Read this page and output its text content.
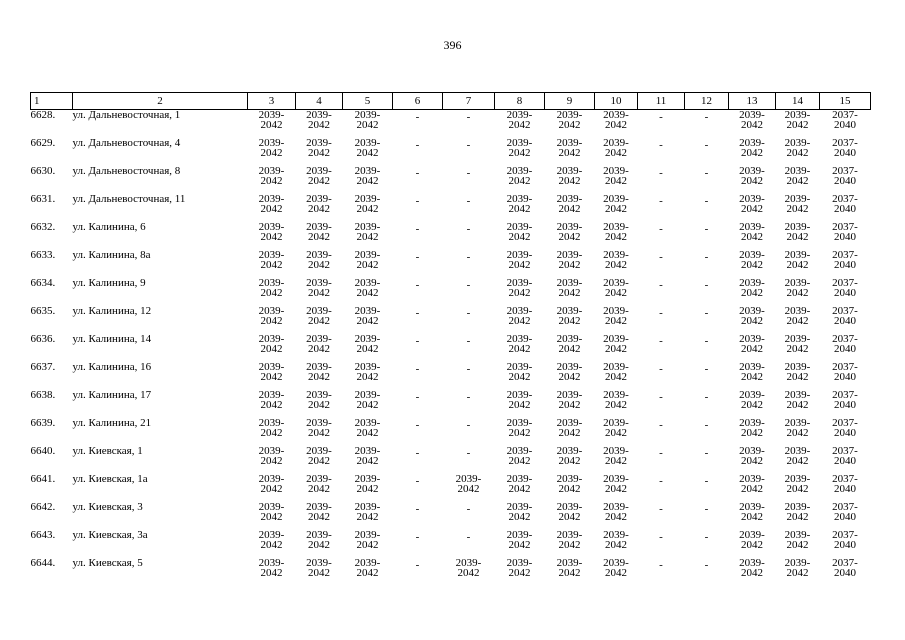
396
1	2	3	4	5	6	7	8	9	10	11	12	13	14	15
6628.	ул. Дальневосточная, 1	2039-
2042	2039-
2042	2039-
2042	-	-	2039-
2042	2039-
2042	2039-
2042	-	-	2039-
2042	2039-
2042	2037-
2040

6629.	ул. Дальневосточная, 4	2039-
2042	2039-
2042	2039-
2042	-	-	2039-
2042	2039-
2042	2039-
2042	-	-	2039-
2042	2039-
2042	2037-
2040

6630.	ул. Дальневосточная, 8	2039-
2042	2039-
2042	2039-
2042	-	-	2039-
2042	2039-
2042	2039-
2042	-	-	2039-
2042	2039-
2042	2037-
2040

6631.	ул. Дальневосточная, 11	2039-
2042	2039-
2042	2039-
2042	-	-	2039-
2042	2039-
2042	2039-
2042	-	-	2039-
2042	2039-
2042	2037-
2040

6632.	ул. Калинина, 6	2039-
2042	2039-
2042	2039-
2042	-	-	2039-
2042	2039-
2042	2039-
2042	-	-	2039-
2042	2039-
2042	2037-
2040

6633.	ул. Калинина, 8а	2039-
2042	2039-
2042	2039-
2042	-	-	2039-
2042	2039-
2042	2039-
2042	-	-	2039-
2042	2039-
2042	2037-
2040

6634.	ул. Калинина, 9	2039-
2042	2039-
2042	2039-
2042	-	-	2039-
2042	2039-
2042	2039-
2042	-	-	2039-
2042	2039-
2042	2037-
2040

6635.	ул. Калинина, 12	2039-
2042	2039-
2042	2039-
2042	-	-	2039-
2042	2039-
2042	2039-
2042	-	-	2039-
2042	2039-
2042	2037-
2040

6636.	ул. Калинина, 14	2039-
2042	2039-
2042	2039-
2042	-	-	2039-
2042	2039-
2042	2039-
2042	-	-	2039-
2042	2039-
2042	2037-
2040

6637.	ул. Калинина, 16	2039-
2042	2039-
2042	2039-
2042	-	-	2039-
2042	2039-
2042	2039-
2042	-	-	2039-
2042	2039-
2042	2037-
2040

6638.	ул. Калинина, 17	2039-
2042	2039-
2042	2039-
2042	-	-	2039-
2042	2039-
2042	2039-
2042	-	-	2039-
2042	2039-
2042	2037-
2040

6639.	ул. Калинина, 21	2039-
2042	2039-
2042	2039-
2042	-	-	2039-
2042	2039-
2042	2039-
2042	-	-	2039-
2042	2039-
2042	2037-
2040

6640.	ул. Киевская, 1	2039-
2042	2039-
2042	2039-
2042	-	-	2039-
2042	2039-
2042	2039-
2042	-	-	2039-
2042	2039-
2042	2037-
2040

6641.	ул. Киевская, 1а	2039-
2042	2039-
2042	2039-
2042	-	2039-
2042	2039-
2042	2039-
2042	2039-
2042	-	-	2039-
2042	2039-
2042	2037-
2040

6642.	ул. Киевская, 3	2039-
2042	2039-
2042	2039-
2042	-	-	2039-
2042	2039-
2042	2039-
2042	-	-	2039-
2042	2039-
2042	2037-
2040

6643.	ул. Киевская, 3а	2039-
2042	2039-
2042	2039-
2042	-	-	2039-
2042	2039-
2042	2039-
2042	-	-	2039-
2042	2039-
2042	2037-
2040

6644.	ул. Киевская, 5	2039-
2042	2039-
2042	2039-
2042	-	2039-
2042	2039-
2042	2039-
2042	2039-
2042	-	-	2039-
2042	2039-
2042	2037-
2040
